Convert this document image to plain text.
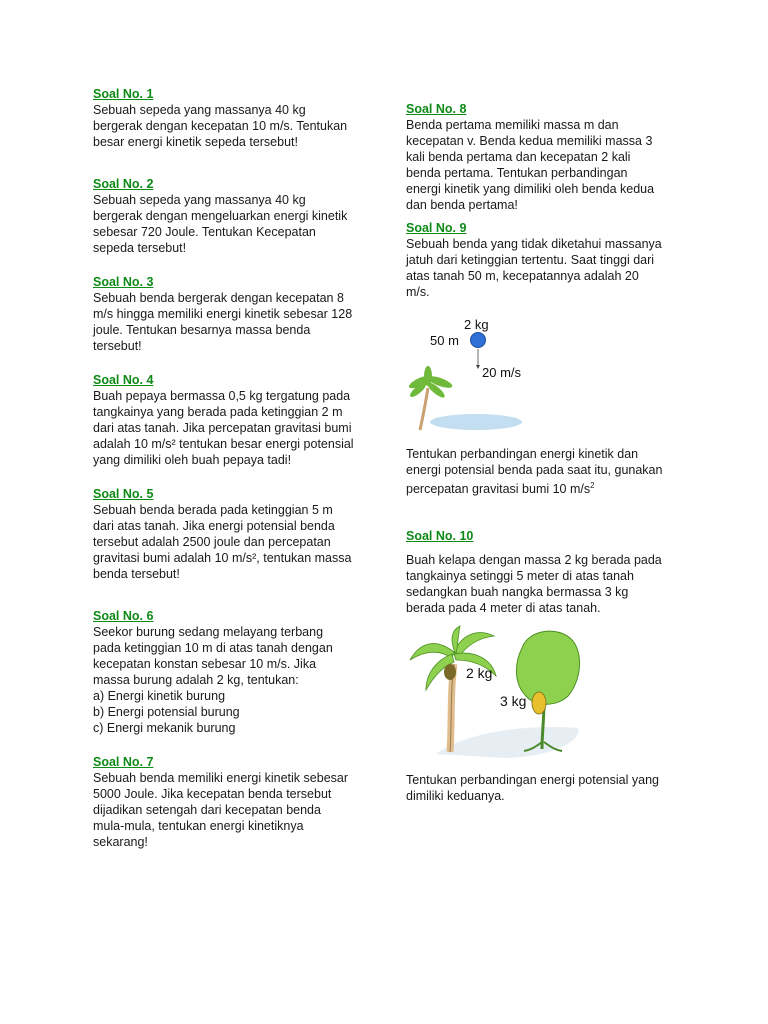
Soal No. 1
Sebuah sepeda yang massanya 40 kg
bergerak dengan kecepatan 10 m/s. Tentukan
besar energi kinetik sepeda tersebut!
Soal No. 2
Sebuah sepeda yang massanya 40 kg
bergerak dengan mengeluarkan energi kinetik
sebesar 720 Joule. Tentukan Kecepatan
sepeda tersebut!
Soal No. 3
Sebuah benda bergerak dengan kecepatan 8
m/s hingga memiliki energi kinetik sebesar 128
joule. Tentukan besarnya massa benda
tersebut!
Soal No. 4
Buah pepaya bermassa 0,5 kg tergatung pada
tangkainya yang berada pada ketinggian 2 m
dari atas tanah. Jika percepatan gravitasi bumi
adalah 10 m/s² tentukan besar energi potensial
yang dimiliki oleh buah pepaya tadi!
Soal No. 5
Sebuah benda berada pada ketinggian 5 m
dari atas tanah. Jika energi potensial benda
tersebut adalah 2500 joule dan percepatan
gravitasi bumi adalah 10 m/s², tentukan massa
benda tersebut!
Soal No. 6
Seekor burung sedang melayang terbang
pada ketinggian 10 m di atas tanah dengan
kecepatan konstan sebesar 10 m/s. Jika
massa burung adalah 2 kg, tentukan:
a) Energi kinetik burung
b) Energi potensial burung
c) Energi mekanik burung
Soal No. 7
Sebuah benda memiliki energi kinetik sebesar
5000 Joule. Jika kecepatan benda tersebut
dijadikan setengah dari kecepatan benda
mula-mula, tentukan energi kinetiknya
sekarang!
Soal No. 8
Benda pertama memiliki massa m dan
kecepatan v. Benda kedua memiliki massa 3
kali benda pertama dan kecepatan 2 kali
benda pertama. Tentukan perbandingan
energi kinetik yang dimiliki oleh benda kedua
dan benda pertama!
Soal No. 9
Sebuah benda yang tidak diketahui massanya
jatuh dari ketinggian tertentu. Saat tinggi dari
atas tanah 50 m, kecepatannya adalah 20
m/s.
2 kg
50 m
20 m/s
Tentukan perbandingan energi kinetik dan
energi potensial benda pada saat itu, gunakan
percepatan gravitasi bumi 10 $m/s^2$
Soal No. 10
Buah kelapa dengan massa 2 kg berada pada
tangkainya setinggi 5 meter di atas tanah
sedangkan buah nangka bermassa 3 kg
berada pada 4 meter di atas tanah.
2 kg
3 kg
Tentukan perbandingan energi potensial yang
dimiliki keduanya.
